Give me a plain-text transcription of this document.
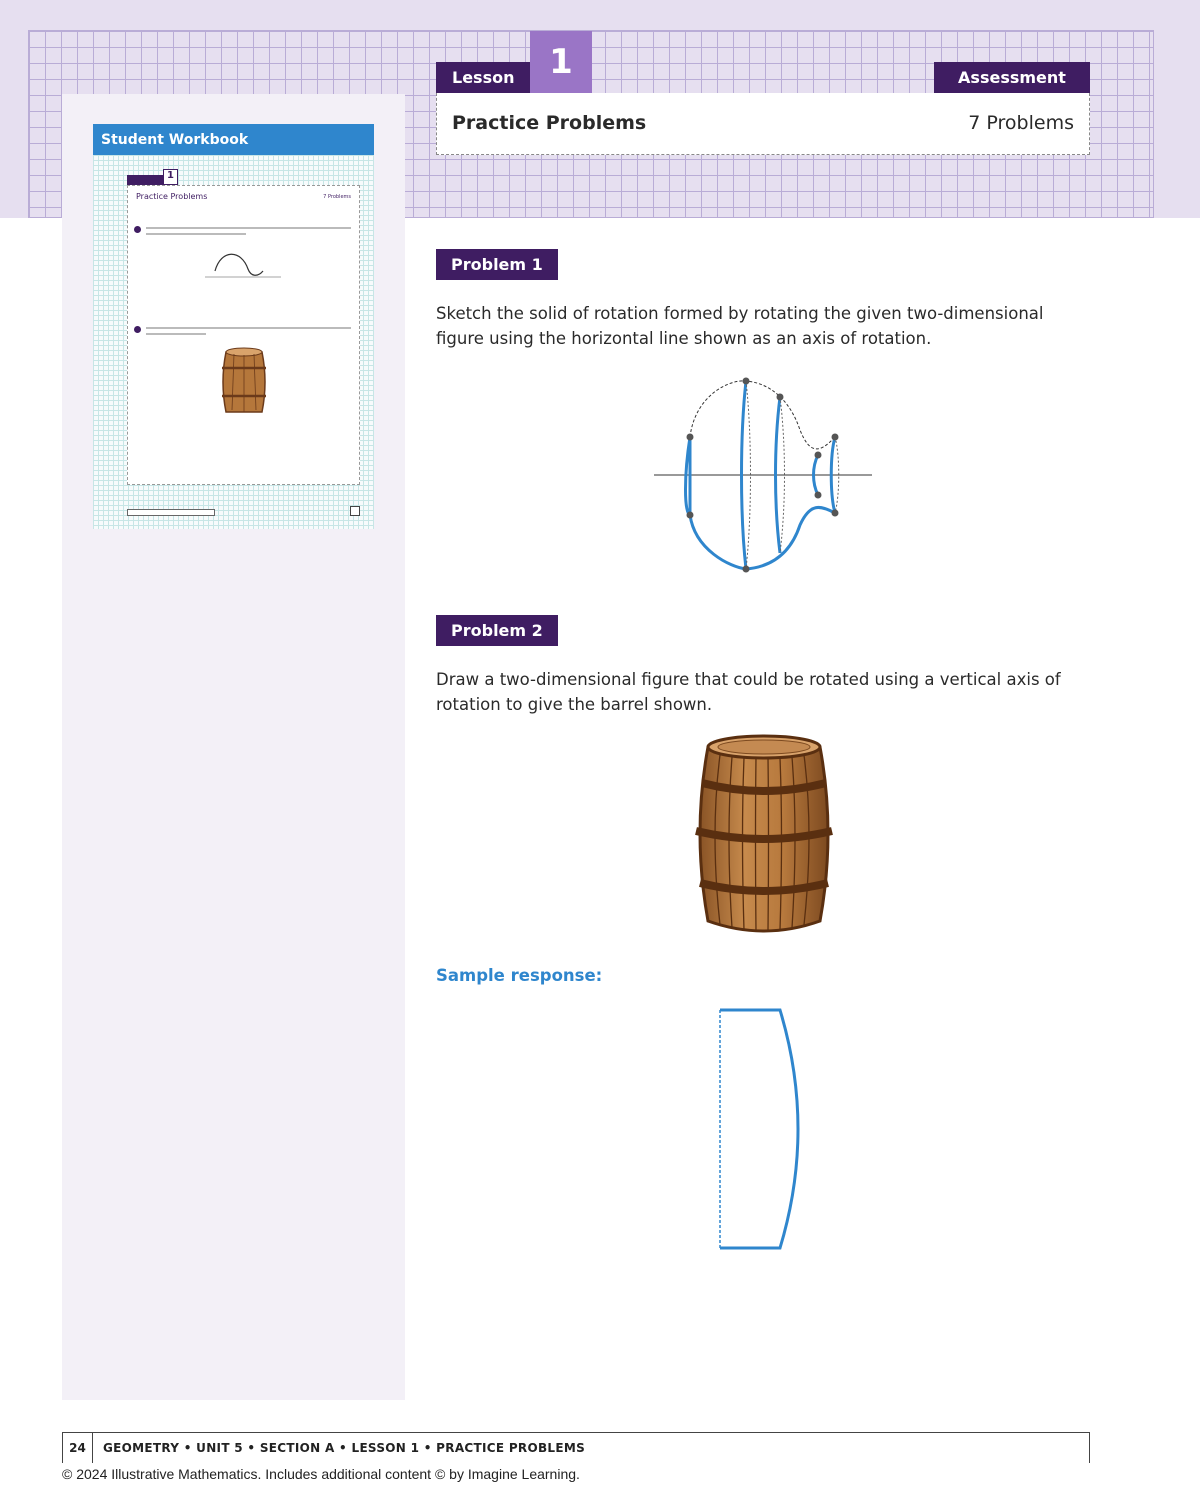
Student Workbook
1
Practice Problems	7 Problems
Lesson	1	Assessment
Practice Problems	7 Problems
Problem 1
Sketch the solid of rotation formed by rotating the given two-dimensional figure using the horizontal line shown as an axis of rotation.
Problem 2
Draw a two-dimensional figure that could be rotated using a vertical axis of rotation to give the barrel shown.
Sample response:
24	GEOMETRY • UNIT 5 • SECTION A • LESSON 1 • PRACTICE PROBLEMS
© 2024 Illustrative Mathematics. Includes additional content © by Imagine Learning.
